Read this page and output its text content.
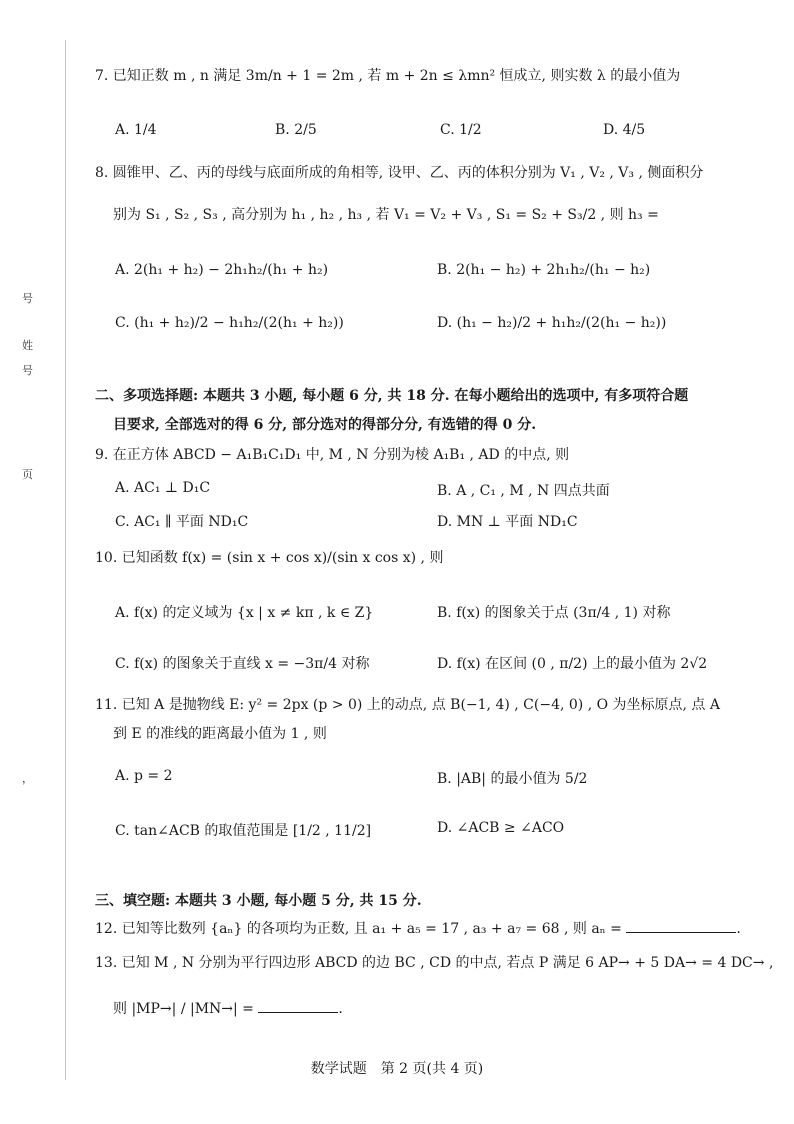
号
姓
号
页
，
7. 已知正数 m , n 满足 3m/n + 1 = 2m , 若 m + 2n ≤ λmn² 恒成立, 则实数 λ 的最小值为
A. 1/4	B. 2/5	C. 1/2	D. 4/5
8. 圆锥甲、乙、丙的母线与底面所成的角相等, 设甲、乙、丙的体积分别为 V₁ , V₂ , V₃ , 侧面积分
别为 S₁ , S₂ , S₃ , 高分别为 h₁ , h₂ , h₃ , 若 V₁ = V₂ + V₃ , S₁ = S₂ + S₃/2 , 则 h₃ =
A. 2(h₁ + h₂) − 2h₁h₂/(h₁ + h₂)	B. 2(h₁ − h₂) + 2h₁h₂/(h₁ − h₂)
C. (h₁ + h₂)/2 − h₁h₂/(2(h₁ + h₂))	D. (h₁ − h₂)/2 + h₁h₂/(2(h₁ − h₂))
二、多项选择题: 本题共 3 小题, 每小题 6 分, 共 18 分. 在每小题给出的选项中, 有多项符合题
目要求, 全部选对的得 6 分, 部分选对的得部分分, 有选错的得 0 分.
9. 在正方体 ABCD − A₁B₁C₁D₁ 中, M , N 分别为棱 A₁B₁ , AD 的中点, 则
A. AC₁ ⊥ D₁C	B. A , C₁ , M , N 四点共面
C. AC₁ ∥ 平面 ND₁C	D. MN ⊥ 平面 ND₁C
10. 已知函数 f(x) = (sin x + cos x)/(sin x cos x) , 则
A. f(x) 的定义域为 {x | x ≠ kπ , k ∈ Z}	B. f(x) 的图象关于点 (3π/4 , 1) 对称
C. f(x) 的图象关于直线 x = −3π/4 对称	D. f(x) 在区间 (0 , π/2) 上的最小值为 2√2
11. 已知 A 是抛物线 E: y² = 2px (p > 0) 上的动点, 点 B(−1, 4) , C(−4, 0) , O 为坐标原点, 点 A
到 E 的准线的距离最小值为 1 , 则
A. p = 2	B. |AB| 的最小值为 5/2
C. tan∠ACB 的取值范围是 [1/2 , 11/2]	D. ∠ACB ≥ ∠ACO
三、填空题: 本题共 3 小题, 每小题 5 分, 共 15 分.
12. 已知等比数列 {aₙ} 的各项均为正数, 且 a₁ + a₅ = 17 , a₃ + a₇ = 68 , 则 aₙ =	.
13. 已知 M , N 分别为平行四边形 ABCD 的边 BC , CD 的中点, 若点 P 满足 6 AP→ + 5 DA→ = 4 DC→ ,
则 |MP→| / |MN→| =	.
数学试题　第 2 页(共 4 页)
